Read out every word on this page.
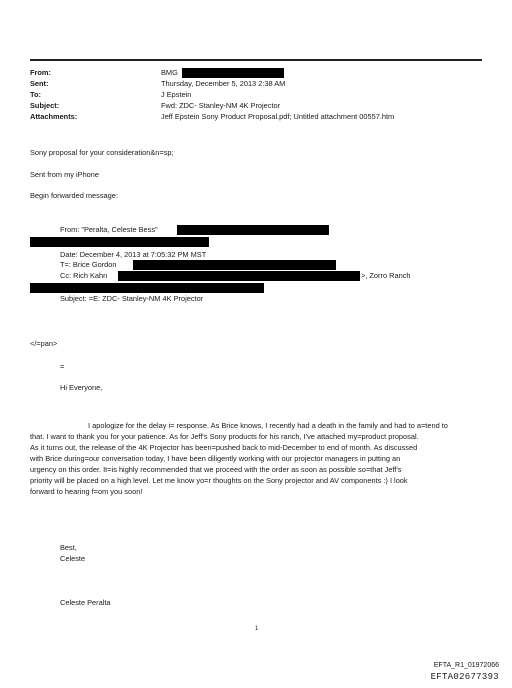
From:	BMG
Sent:	Thursday, December 5, 2013 2:38 AM
To:	J Epstein
Subject:	Fwd: ZDC- Stanley-NM 4K Projector
Attachments:	Jeff Epstein Sony Product Proposal.pdf; Untitled attachment 00557.htm
Sony proposal for your consideration&n=sp;
Sent from my iPhone
Begin forwarded message:
From: "Peralta, Celeste Bess"
Date: December 4, 2013 at 7:05:32 PM MST
T=: Brice Gordon
Cc: Rich Kahn	>, Zorro Ranch
Subject: =E: ZDC- Stanley-NM 4K Projector
</=pan>
=
Hi Everyone,
I apologize for the delay i= response. As Brice knows, I recently had a death in the family and had to a=tend to
that. I want to thank you for your patience. As for Jeff's Sony products for his ranch, I've attached my=product proposal.
As it turns out, the release of the 4K Projector has been=pushed back to mid-December to end of month. As discussed
with Brice during=our conversation today, I have been diligently working with our projector managers in putting an
urgency on this order. It=is highly recommended that we proceed with the order as soon as possible so=that Jeff's
priority will be placed on a high level. Let me know yo=r thoughts on the Sony projector and AV components :) I look
forward to hearing f=om you soon!
Best,
Celeste
Celeste Peralta
1
EFTA_R1_01972066
EFTA02677393
